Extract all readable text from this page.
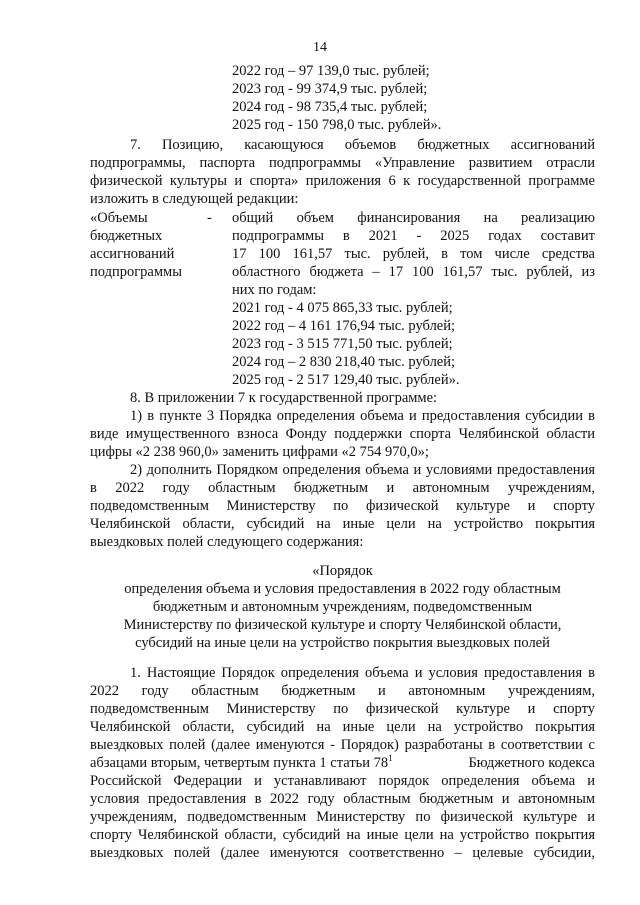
14
2022 год – 97 139,0 тыс. рублей;
2023 год - 99 374,9 тыс. рублей;
2024 год - 98 735,4 тыс. рублей;
2025 год - 150 798,0 тыс. рублей».
7. Позицию, касающуюся объемов бюджетных ассигнований
подпрограммы, паспорта подпрограммы «Управление развитием отрасли
физической культуры и спорта» приложения 6 к государственной программе
изложить в следующей редакции:
«Объемы
бюджетных
ассигнований
подпрограммы
- общий объем финансирования на реализацию
подпрограммы в 2021 - 2025 годах составит
17 100 161,57 тыс. рублей, в том числе средства
областного бюджета – 17 100 161,57 тыс. рублей, из
них по годам:
2021 год - 4 075 865,33 тыс. рублей;
2022 год – 4 161 176,94 тыс. рублей;
2023 год - 3 515 771,50 тыс. рублей;
2024 год – 2 830 218,40 тыс. рублей;
2025 год - 2 517 129,40 тыс. рублей».
8. В приложении 7 к государственной программе:
1) в пункте 3 Порядка определения объема и предоставления субсидии в
виде имущественного взноса Фонду поддержки спорта Челябинской области
цифры «2 238 960,0» заменить цифрами «2 754 970,0»;
2) дополнить Порядком определения объема и условиями предоставления
в 2022 году областным бюджетным и автономным учреждениям,
подведомственным Министерству по физической культуре и спорту
Челябинской области, субсидий на иные цели на устройство покрытия
выездковых полей следующего содержания:
«Порядок
определения объема и условия предоставления в 2022 году областным
бюджетным и автономным учреждениям, подведомственным
Министерству по физической культуре и спорту Челябинской области,
субсидий на иные цели на устройство покрытия выездковых полей
1. Настоящие Порядок определения объема и условия предоставления в
2022 году областным бюджетным и автономным учреждениям,
подведомственным Министерству по физической культуре и спорту
Челябинской области, субсидий на иные цели на устройство покрытия
выездковых полей (далее именуются - Порядок) разработаны в соответствии с
абзацами вторым, четвертым пункта 1 статьи $78^1$	Бюджетного кодекса
Российской Федерации и устанавливают порядок определения объема и
условия предоставления в 2022 году областным бюджетным и автономным
учреждениям, подведомственным Министерству по физической культуре и
спорту Челябинской области, субсидий на иные цели на устройство покрытия
выездковых полей (далее именуются соответственно – целевые субсидии,
